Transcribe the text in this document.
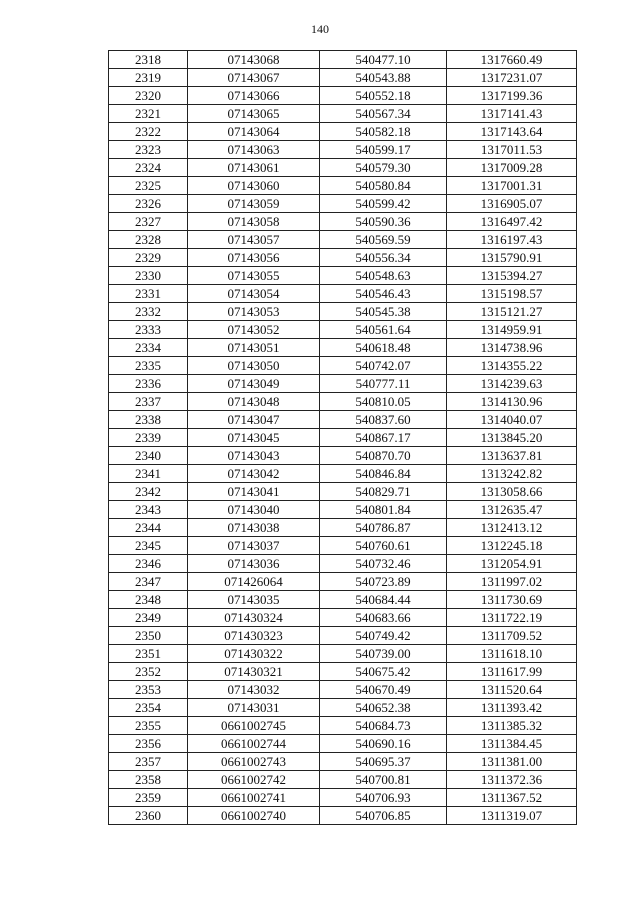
140
2318	07143068	540477.10	1317660.49
2319	07143067	540543.88	1317231.07
2320	07143066	540552.18	1317199.36
2321	07143065	540567.34	1317141.43
2322	07143064	540582.18	1317143.64
2323	07143063	540599.17	1317011.53
2324	07143061	540579.30	1317009.28
2325	07143060	540580.84	1317001.31
2326	07143059	540599.42	1316905.07
2327	07143058	540590.36	1316497.42
2328	07143057	540569.59	1316197.43
2329	07143056	540556.34	1315790.91
2330	07143055	540548.63	1315394.27
2331	07143054	540546.43	1315198.57
2332	07143053	540545.38	1315121.27
2333	07143052	540561.64	1314959.91
2334	07143051	540618.48	1314738.96
2335	07143050	540742.07	1314355.22
2336	07143049	540777.11	1314239.63
2337	07143048	540810.05	1314130.96
2338	07143047	540837.60	1314040.07
2339	07143045	540867.17	1313845.20
2340	07143043	540870.70	1313637.81
2341	07143042	540846.84	1313242.82
2342	07143041	540829.71	1313058.66
2343	07143040	540801.84	1312635.47
2344	07143038	540786.87	1312413.12
2345	07143037	540760.61	1312245.18
2346	07143036	540732.46	1312054.91
2347	071426064	540723.89	1311997.02
2348	07143035	540684.44	1311730.69
2349	071430324	540683.66	1311722.19
2350	071430323	540749.42	1311709.52
2351	071430322	540739.00	1311618.10
2352	071430321	540675.42	1311617.99
2353	07143032	540670.49	1311520.64
2354	07143031	540652.38	1311393.42
2355	0661002745	540684.73	1311385.32
2356	0661002744	540690.16	1311384.45
2357	0661002743	540695.37	1311381.00
2358	0661002742	540700.81	1311372.36
2359	0661002741	540706.93	1311367.52
2360	0661002740	540706.85	1311319.07
